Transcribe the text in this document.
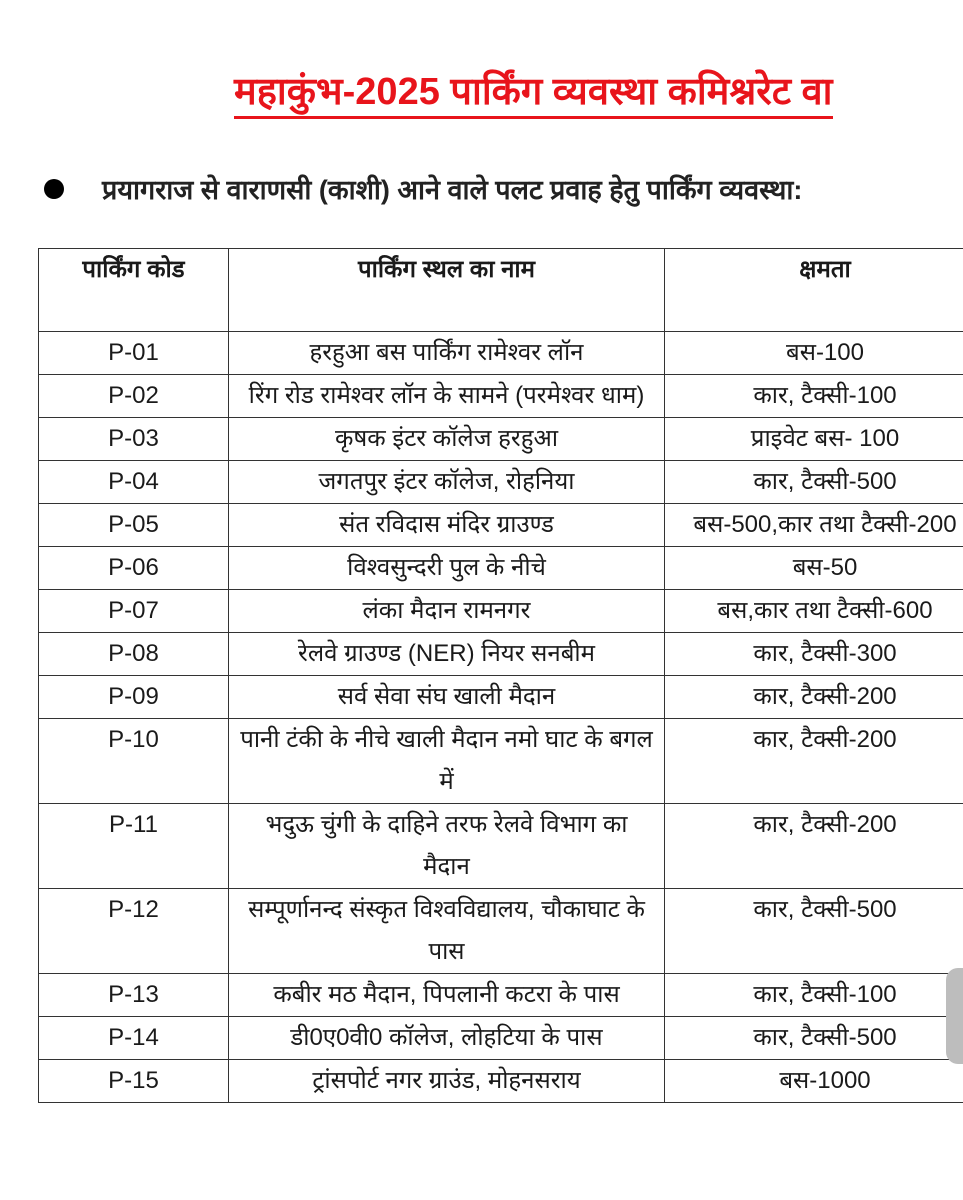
महाकुंभ-2025 पार्किंग व्यवस्था कमिश्नरेट वा
प्रयागराज से वाराणसी (काशी) आने वाले पलट प्रवाह हेतु पार्किंग व्यवस्था:
पार्किंग कोड	पार्किंग स्थल का नाम	क्षमता
P-01	हरहुआ बस पार्किंग रामेश्वर लॉन	बस-100
P-02	रिंग रोड रामेश्वर लॉन के सामने (परमेश्वर धाम)	कार, टैक्सी-100
P-03	कृषक इंटर कॉलेज हरहुआ	प्राइवेट बस- 100
P-04	जगतपुर इंटर कॉलेज, रोहनिया	कार, टैक्सी-500
P-05	संत रविदास मंदिर ग्राउण्ड	बस-500,कार तथा टैक्सी-200
P-06	विश्वसुन्दरी पुल के नीचे	बस-50
P-07	लंका मैदान रामनगर	बस,कार तथा टैक्सी-600
P-08	रेलवे ग्राउण्ड (NER) नियर सनबीम	कार, टैक्सी-300
P-09	सर्व सेवा संघ खाली मैदान	कार, टैक्सी-200
P-10	पानी टंकी के नीचे खाली मैदान नमो घाट के बगल में	कार, टैक्सी-200
P-11	भदुऊ चुंगी के दाहिने तरफ रेलवे विभाग का मैदान	कार, टैक्सी-200
P-12	सम्पूर्णानन्द संस्कृत विश्वविद्यालय, चौकाघाट के पास	कार, टैक्सी-500
P-13	कबीर मठ मैदान, पिपलानी कटरा के पास	कार, टैक्सी-100
P-14	डी0ए0वी0 कॉलेज, लोहटिया के पास	कार, टैक्सी-500
P-15	ट्रांसपोर्ट नगर ग्राउंड, मोहनसराय	बस-1000
